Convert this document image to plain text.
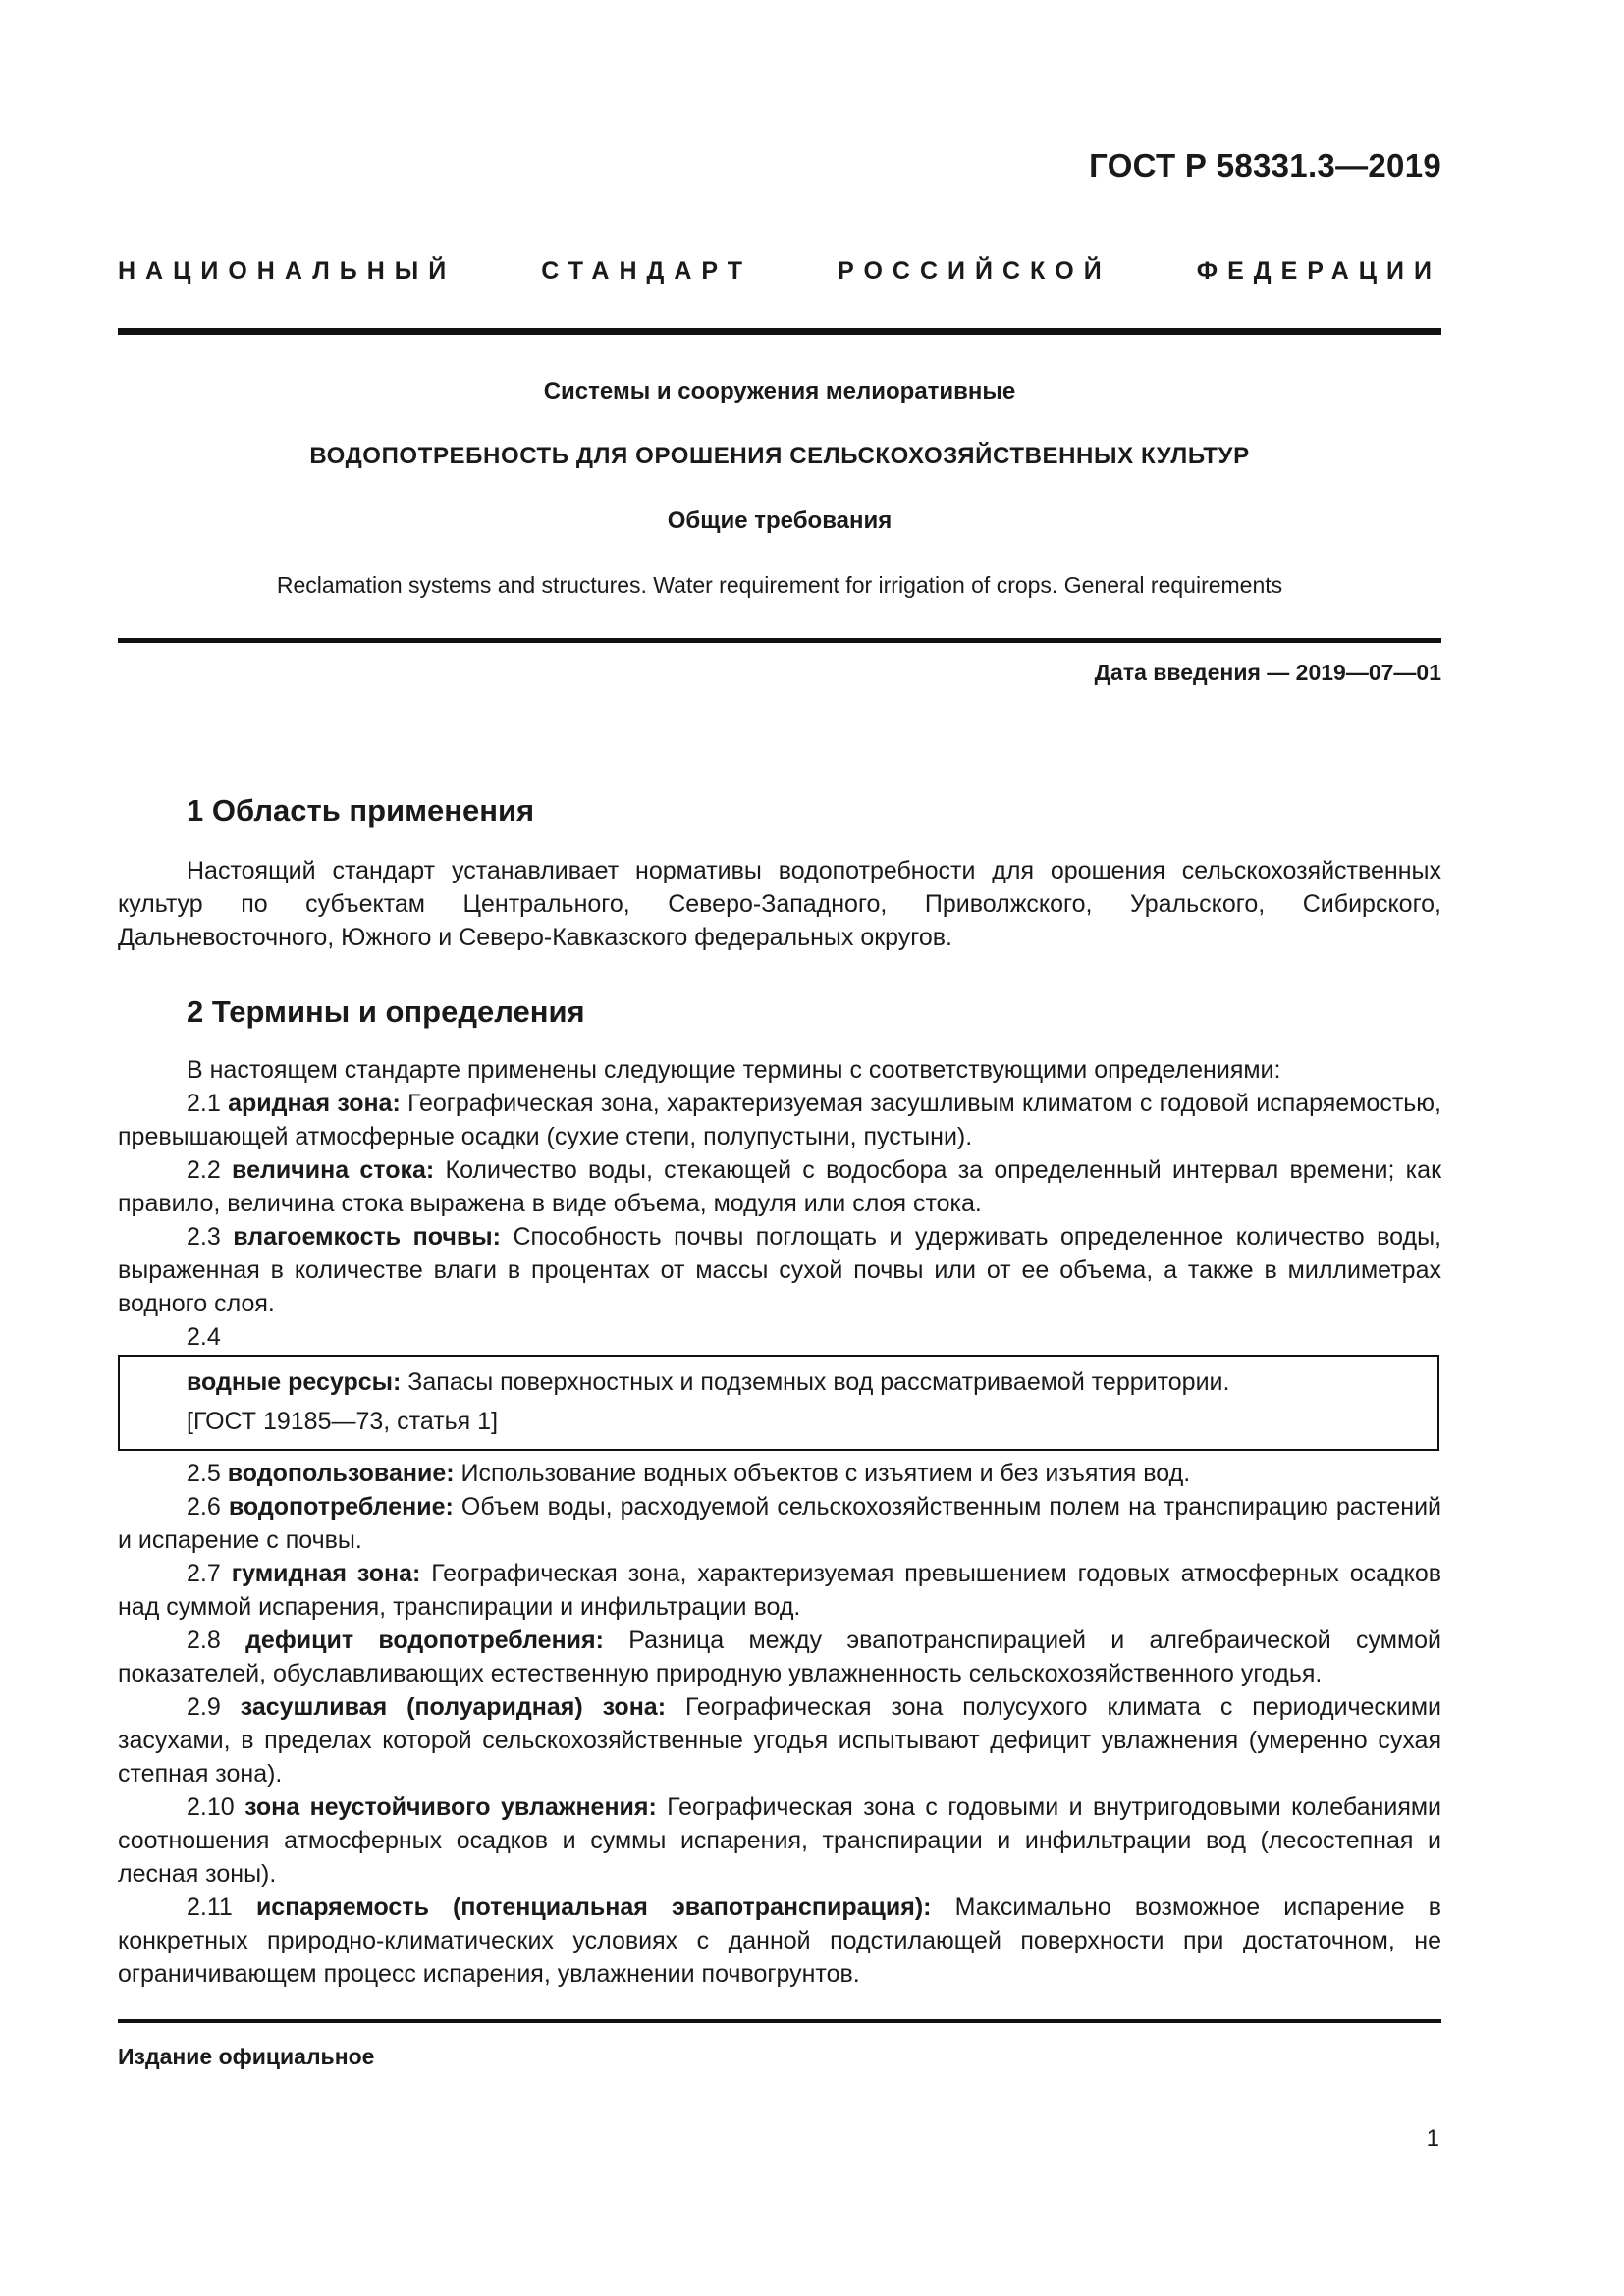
ГОСТ Р 58331.3—2019
НАЦИОНАЛЬНЫЙ СТАНДАРТ РОССИЙСКОЙ ФЕДЕРАЦИИ
Системы и сооружения мелиоративные
ВОДОПОТРЕБНОСТЬ ДЛЯ ОРОШЕНИЯ СЕЛЬСКОХОЗЯЙСТВЕННЫХ КУЛЬТУР
Общие требования
Reclamation systems and structures. Water requirement for irrigation of crops. General requirements
Дата введения — 2019—07—01
1 Область применения

Настоящий стандарт устанавливает нормативы водопотребности для орошения сельскохозяйственных культур по субъектам Центрального, Северо-Западного, Приволжского, Уральского, Сибирского, Дальневосточного, Южного и Северо-Кавказского федеральных округов.

2 Термины и определения

В настоящем стандарте применены следующие термины с соответствующими определениями:

2.1 аридная зона: Географическая зона, характеризуемая засушливым климатом с годовой испаряемостью, превышающей атмосферные осадки (сухие степи, полупустыни, пустыни).

2.2 величина стока: Количество воды, стекающей с водосбора за определенный интервал времени; как правило, величина стока выражена в виде объема, модуля или слоя стока.

2.3 влагоемкость почвы: Способность почвы поглощать и удерживать определенное количество воды, выраженная в количестве влаги в процентах от массы сухой почвы или от ее объема, а также в миллиметрах водного слоя.

2.4

водные ресурсы: Запасы поверхностных и подземных вод рассматриваемой территории.
[ГОСТ 19185—73, статья 1]

2.5 водопользование: Использование водных объектов с изъятием и без изъятия вод.

2.6 водопотребление: Объем воды, расходуемой сельскохозяйственным полем на транспирацию растений и испарение с почвы.

2.7 гумидная зона: Географическая зона, характеризуемая превышением годовых атмосферных осадков над суммой испарения, транспирации и инфильтрации вод.

2.8 дефицит водопотребления: Разница между эвапотранспирацией и алгебраической суммой показателей, обуславливающих естественную природную увлажненность сельскохозяйственного угодья.

2.9 засушливая (полуаридная) зона: Географическая зона полусухого климата с периодическими засухами, в пределах которой сельскохозяйственные угодья испытывают дефицит увлажнения (умеренно сухая степная зона).

2.10 зона неустойчивого увлажнения: Географическая зона с годовыми и внутригодовыми колебаниями соотношения атмосферных осадков и суммы испарения, транспирации и инфильтрации вод (лесостепная и лесная зоны).

2.11 испаряемость (потенциальная эвапотранспирация): Максимально возможное испарение в конкретных природно-климатических условиях с данной подстилающей поверхности при достаточном, не ограничивающем процесс испарения, увлажнении почвогрунтов.

Издание официальное
1
